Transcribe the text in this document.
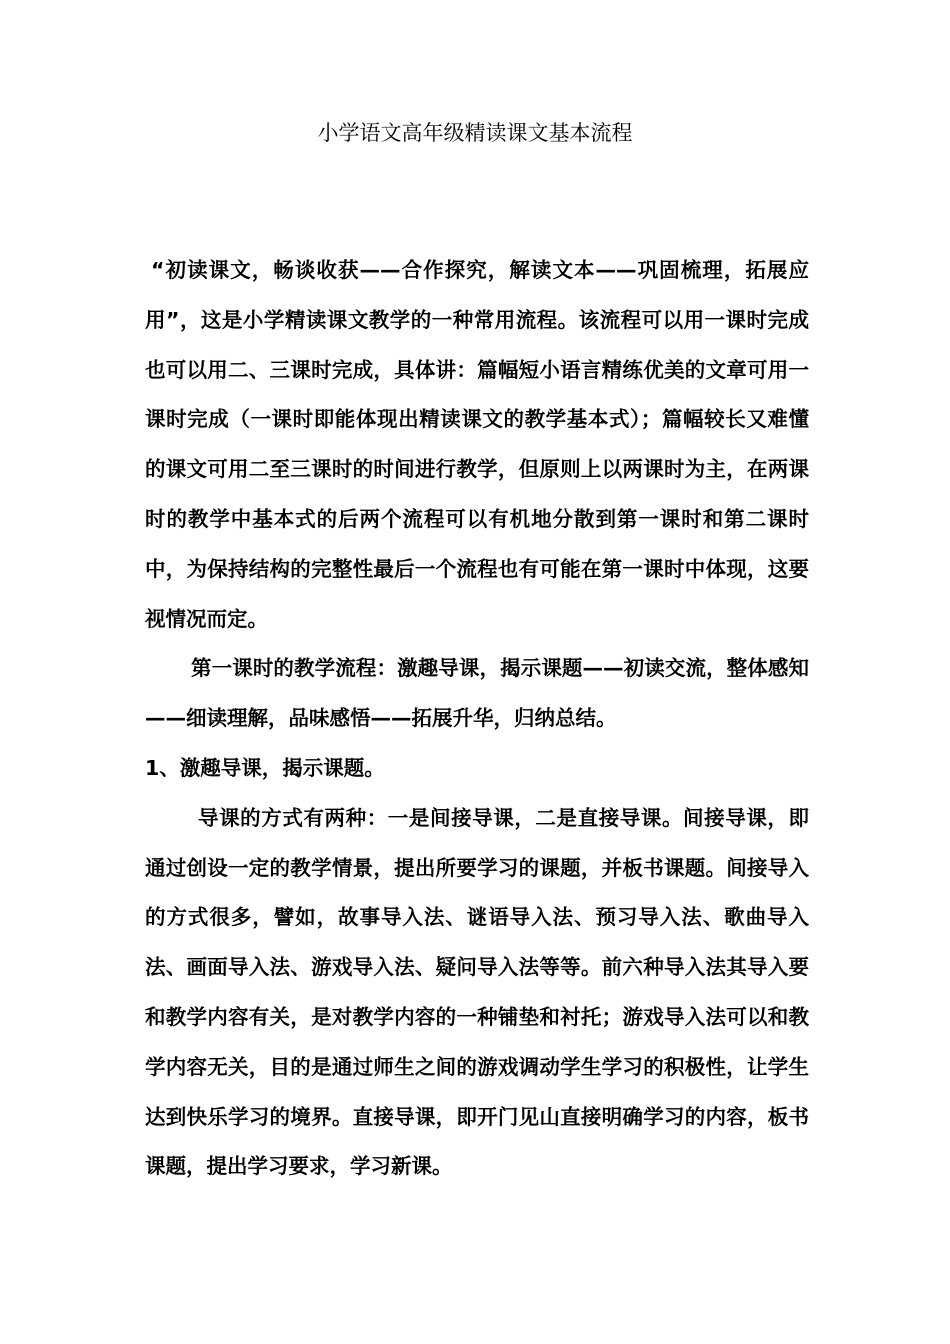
小学语文高年级精读课文基本流程

“初读课文，畅谈收获——合作探究，解读文本——巩固梳理，拓展应用”，这是小学精读课文教学的一种常用流程。该流程可以用一课时完成也可以用二、三课时完成，具体讲：篇幅短小语言精练优美的文章可用一课时完成（一课时即能体现出精读课文的教学基本式）；篇幅较长又难懂的课文可用二至三课时的时间进行教学，但原则上以两课时为主，在两课时的教学中基本式的后两个流程可以有机地分散到第一课时和第二课时中，为保持结构的完整性最后一个流程也有可能在第一课时中体现，这要视情况而定。

第一课时的教学流程：激趣导课，揭示课题——初读交流，整体感知——细读理解，品味感悟——拓展升华，归纳总结。

1、激趣导课，揭示课题。

导课的方式有两种：一是间接导课，二是直接导课。间接导课，即通过创设一定的教学情景，提出所要学习的课题，并板书课题。间接导入的方式很多，譬如，故事导入法、谜语导入法、预习导入法、歌曲导入法、画面导入法、游戏导入法、疑问导入法等等。前六种导入法其导入要和教学内容有关，是对教学内容的一种铺垫和衬托；游戏导入法可以和教学内容无关，目的是通过师生之间的游戏调动学生学习的积极性，让学生达到快乐学习的境界。直接导课，即开门见山直接明确学习的内容，板书课题，提出学习要求，学习新课。
